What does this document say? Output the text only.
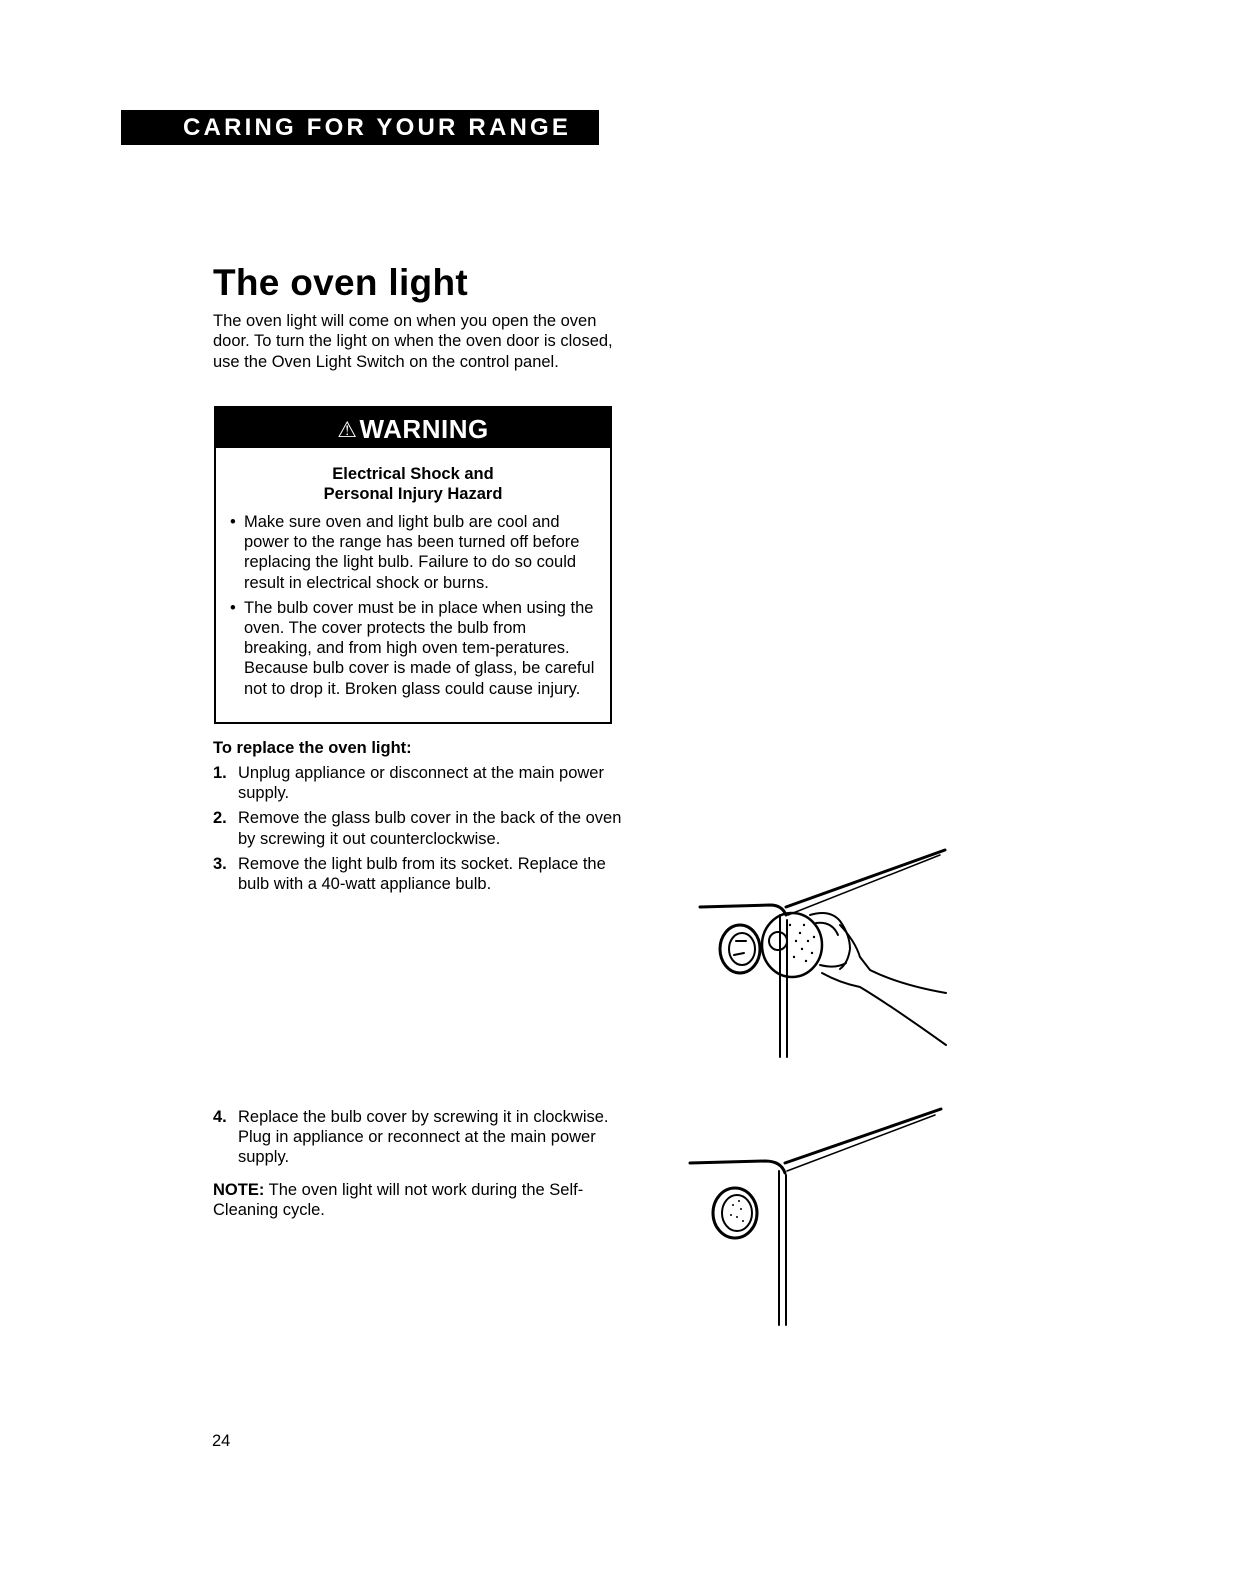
CARING FOR YOUR RANGE
The oven light

The oven light will come on when you open the oven door. To turn the light on when the oven door is closed, use the Oven Light Switch on the control panel.

⚠WARNING
Electrical Shock and
Personal Injury Hazard
• Make sure oven and light bulb are cool and power to the range has been turned off before replacing the light bulb. Failure to do so could result in electrical shock or burns.
• The bulb cover must be in place when using the oven. The cover protects the bulb from breaking, and from high oven tem-peratures. Because bulb cover is made of glass, be careful not to drop it. Broken glass could cause injury.
To replace the oven light:
1. Unplug appliance or disconnect at the main power supply.
2. Remove the glass bulb cover in the back of the oven by screwing it out counterclockwise.
3. Remove the light bulb from its socket. Replace the bulb with a 40-watt appliance bulb.
4. Replace the bulb cover by screwing it in clockwise. Plug in appliance or reconnect at the main power supply.

NOTE: The oven light will not work during the Self-Cleaning cycle.

24
